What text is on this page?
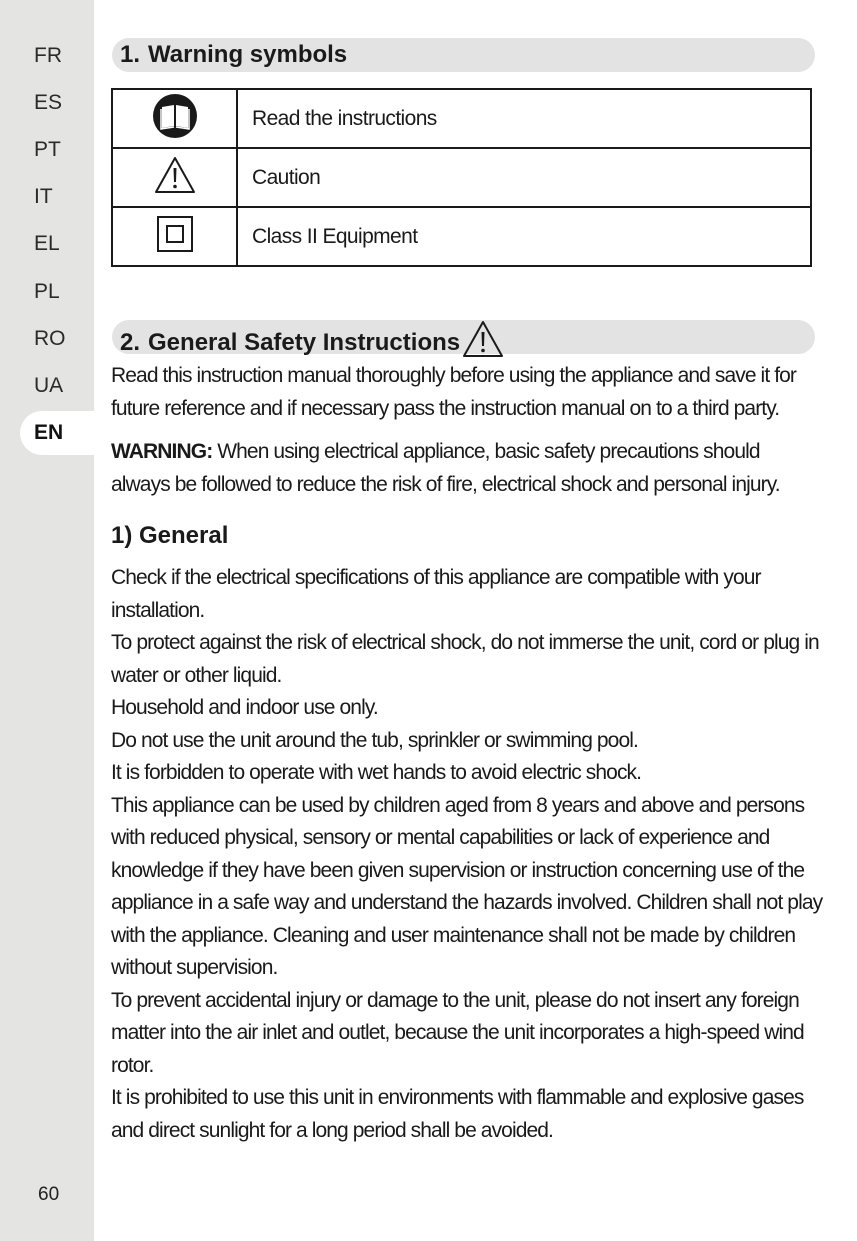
FR
ES
PT
IT
EL
PL
RO
UA
EN
60
1. Warning symbols
	Read the instructions
	Caution
	Class II Equipment
2. General Safety Instructions

Read this instruction manual thoroughly before using the appliance and save it for future reference and if necessary pass the instruction manual on to a third party.

WARNING: When using electrical appliance, basic safety precautions should always be followed to reduce the risk of fire, electrical shock and personal injury.

1) General

Check if the electrical specifications of this appliance are compatible with your installation.

To protect against the risk of electrical shock, do not immerse the unit, cord or plug in water or other liquid.

Household and indoor use only.

Do not use the unit around the tub, sprinkler or swimming pool.

It is forbidden to operate with wet hands to avoid electric shock.

This appliance can be used by children aged from 8 years and above and persons with reduced physical, sensory or mental capabilities or lack of experience and knowledge if they have been given supervision or instruction concerning use of the appliance in a safe way and understand the hazards involved. Children shall not play with the appliance. Cleaning and user maintenance shall not be made by children without supervision.

To prevent accidental injury or damage to the unit, please do not insert any foreign matter into the air inlet and outlet, because the unit incorporates a high-speed wind rotor.

It is prohibited to use this unit in environments with flammable and explosive gases and direct sunlight for a long period shall be avoided.
